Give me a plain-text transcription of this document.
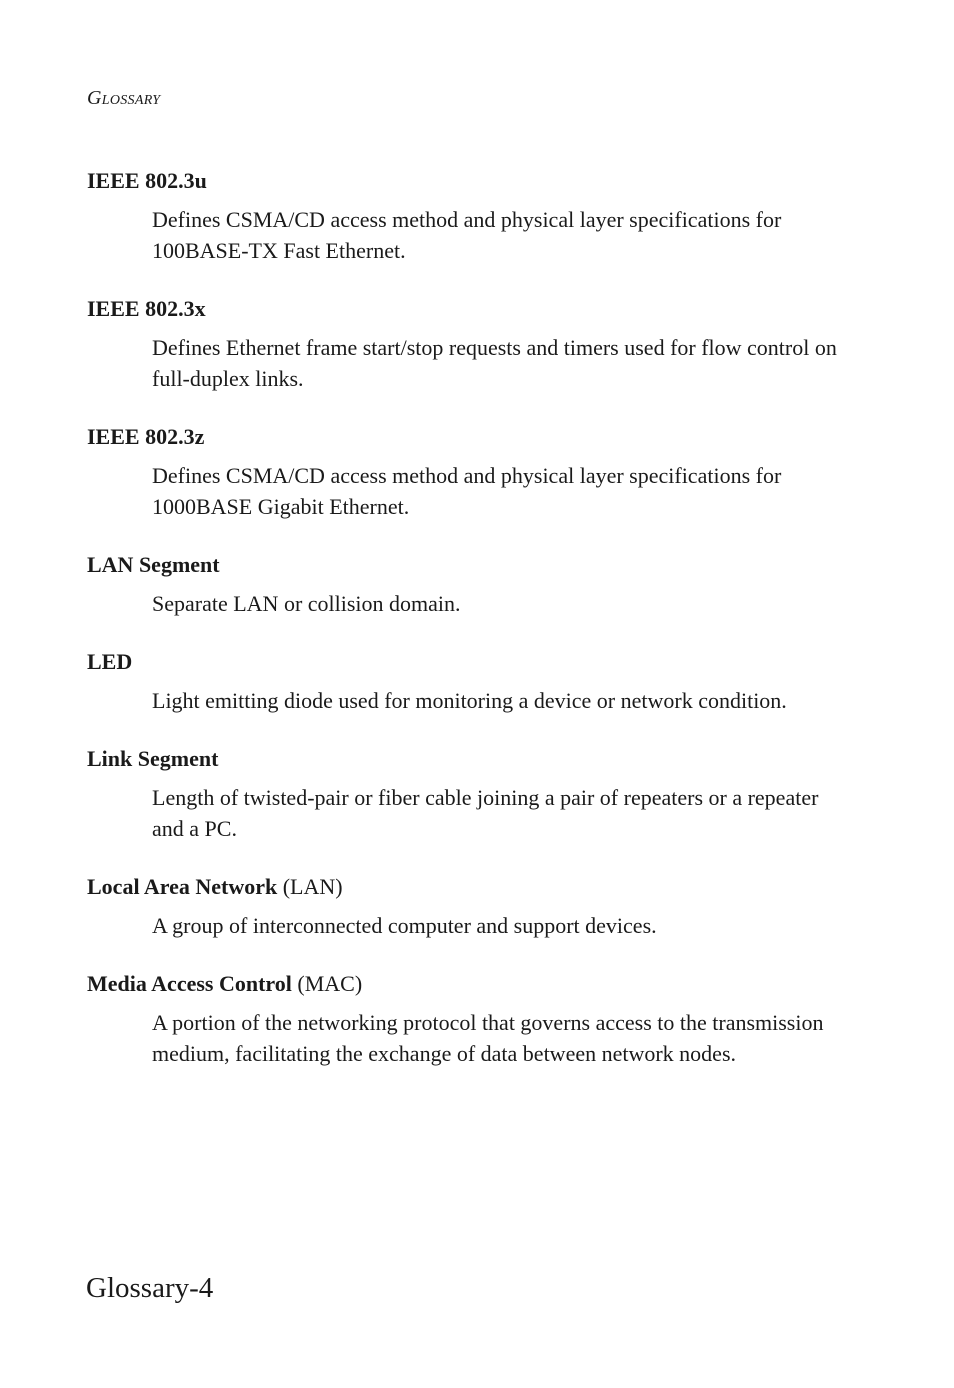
Glossary

IEEE 802.3u

Defines CSMA/CD access method and physical layer specifications for 100BASE-TX Fast Ethernet.

IEEE 802.3x

Defines Ethernet frame start/stop requests and timers used for flow control on full-duplex links.

IEEE 802.3z

Defines CSMA/CD access method and physical layer specifications for 1000BASE Gigabit Ethernet.

LAN Segment

Separate LAN or collision domain.

LED

Light emitting diode used for monitoring a device or network condition.

Link Segment

Length of twisted-pair or fiber cable joining a pair of repeaters or a repeater and a PC.

Local Area Network (LAN)

A group of interconnected computer and support devices.

Media Access Control (MAC)

A portion of the networking protocol that governs access to the transmission medium, facilitating the exchange of data between network nodes.
Glossary-4
